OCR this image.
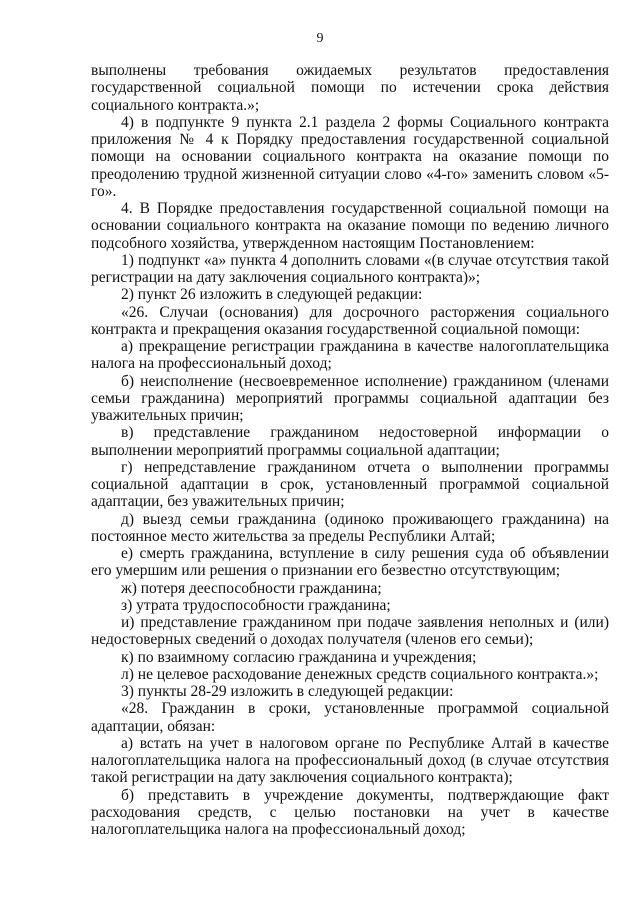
9

выполнены требования ожидаемых результатов предоставления государственной социальной помощи по истечении срока действия социального контракта.»;

4) в подпункте 9 пункта 2.1 раздела 2 формы Социального контракта приложения № 4 к Порядку предоставления государственной социальной помощи на основании социального контракта на оказание помощи по преодолению трудной жизненной ситуации слово «4-го» заменить словом «5-го».

4. В Порядке предоставления государственной социальной помощи на основании социального контракта на оказание помощи по ведению личного подсобного хозяйства, утвержденном настоящим Постановлением:

1) подпункт «а» пункта 4 дополнить словами «(в случае отсутствия такой регистрации на дату заключения социального контракта)»;

2) пункт 26 изложить в следующей редакции:

«26. Случаи (основания) для досрочного расторжения социального контракта и прекращения оказания государственной социальной помощи:

а) прекращение регистрации гражданина в качестве налогоплательщика налога на профессиональный доход;

б) неисполнение (несвоевременное исполнение) гражданином (членами семьи гражданина) мероприятий программы социальной адаптации без уважительных причин;

в) представление гражданином недостоверной информации о выполнении мероприятий программы социальной адаптации;

г) непредставление гражданином отчета о выполнении программы социальной адаптации в срок, установленный программой социальной адаптации, без уважительных причин;

д) выезд семьи гражданина (одиноко проживающего гражданина) на постоянное место жительства за пределы Республики Алтай;

е) смерть гражданина, вступление в силу решения суда об объявлении его умершим или решения о признании его безвестно отсутствующим;

ж) потеря дееспособности гражданина;

з) утрата трудоспособности гражданина;

и) представление гражданином при подаче заявления неполных и (или) недостоверных сведений о доходах получателя (членов его семьи);

к) по взаимному согласию гражданина и учреждения;

л) не целевое расходование денежных средств социального контракта.»;

3) пункты 28-29 изложить в следующей редакции:

«28. Гражданин в сроки, установленные программой социальной адаптации, обязан:

а) встать на учет в налоговом органе по Республике Алтай в качестве налогоплательщика налога на профессиональный доход (в случае отсутствия такой регистрации на дату заключения социального контракта);

б) представить в учреждение документы, подтверждающие факт расходования средств, с целью постановки на учет в качестве налогоплательщика налога на профессиональный доход;
